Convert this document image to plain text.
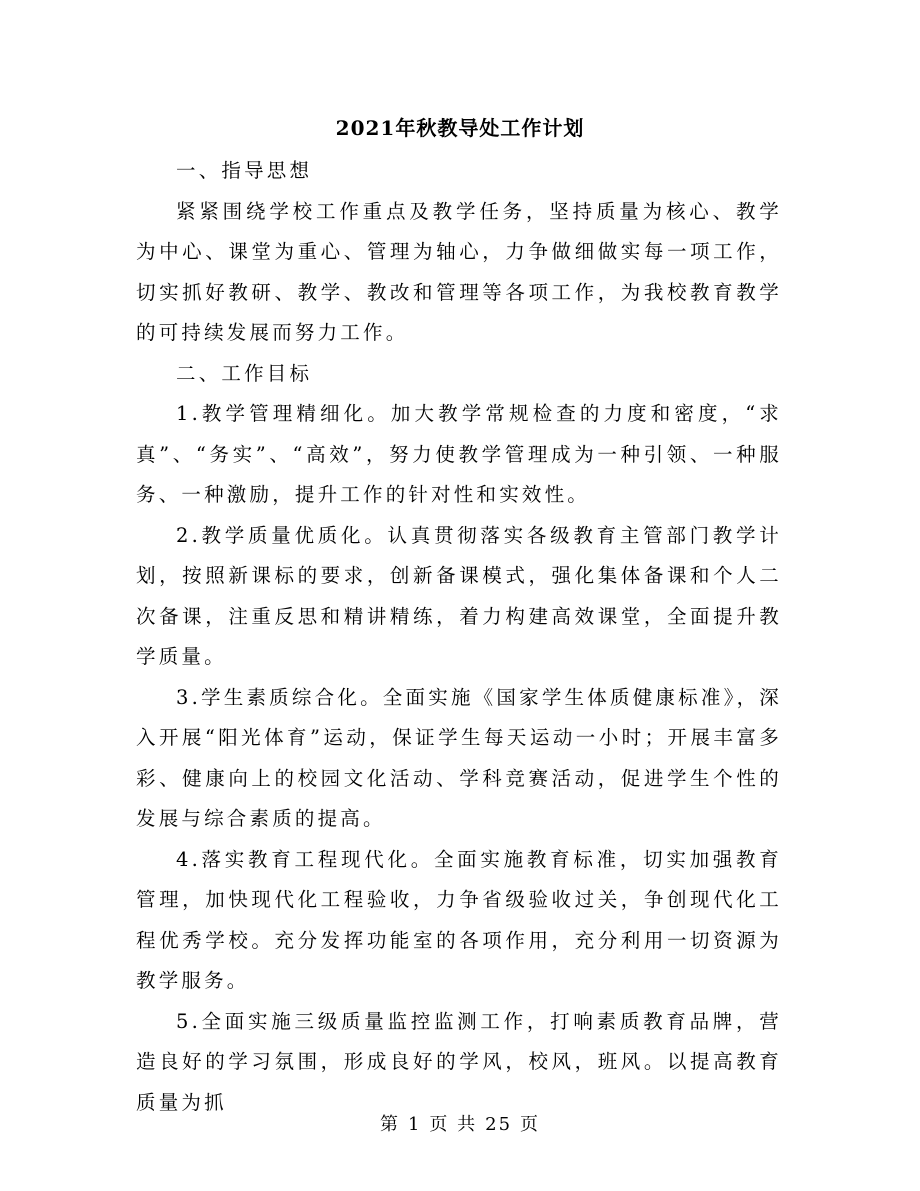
2021年秋教导处工作计划

一、指导思想

紧紧围绕学校工作重点及教学任务，坚持质量为核心、教学为中心、课堂为重心、管理为轴心，力争做细做实每一项工作，切实抓好教研、教学、教改和管理等各项工作，为我校教育教学的可持续发展而努力工作。

二、工作目标

1.教学管理精细化。加大教学常规检查的力度和密度，“求真”、“务实”、“高效”，努力使教学管理成为一种引领、一种服务、一种激励，提升工作的针对性和实效性。

2.教学质量优质化。认真贯彻落实各级教育主管部门教学计划，按照新课标的要求，创新备课模式，强化集体备课和个人二次备课，注重反思和精讲精练，着力构建高效课堂，全面提升教学质量。

3.学生素质综合化。全面实施《国家学生体质健康标准》，深入开展“阳光体育”运动，保证学生每天运动一小时；开展丰富多彩、健康向上的校园文化活动、学科竞赛活动，促进学生个性的发展与综合素质的提高。

4.落实教育工程现代化。全面实施教育标准，切实加强教育管理，加快现代化工程验收，力争省级验收过关，争创现代化工程优秀学校。充分发挥功能室的各项作用，充分利用一切资源为教学服务。

5.全面实施三级质量监控监测工作，打响素质教育品牌，营造良好的学习氛围，形成良好的学风，校风，班风。以提高教育质量为抓

第 1 页 共 25 页
